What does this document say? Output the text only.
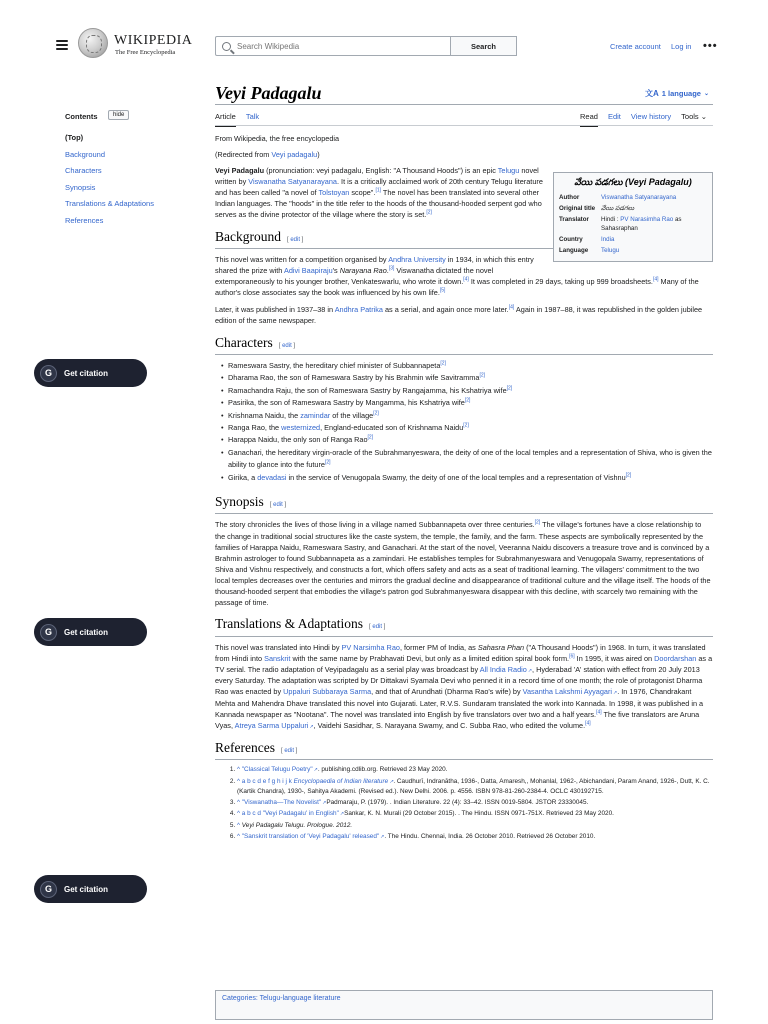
WIKIPEDIA
The Free Encyclopedia
Search Wikipedia
Search	Create account Log in •••
Veyi Padagalu	文A 1 language ⌄
Article Talk	Read Edit View history Tools ⌄
Contents	hide
(Top)
Background
Characters
Synopsis
Translations & Adaptations
References
G	Get citation
G	Get citation
G	Get citation
From Wikipedia, the free encyclopedia
(Redirected from Veyi padagalu)
వేయి పడగలు (Veyi Padagalu)
Author	Viswanatha Satyanarayana
Original title	వేయి పడగలు
Translator	Hindi : PV Narasimha Rao as Sahasraphan
Country	India
Language	Telugu

Veyi Padagalu (pronunciation: veyi padagalu, English: "A Thousand Hoods") is an epic Telugu novel written by Viswanatha Satyanarayana. It is a critically acclaimed work of 20th century Telugu literature and has been called "a novel of Tolstoyan scope".[1] The novel has been translated into several other Indian languages. The "hoods" in the title refer to the hoods of the thousand-hooded serpent god who serves as the divine protector of the village where the story is set.[2]

Background [ edit ]

This novel was written for a competition organised by Andhra University in 1934, in which this entry shared the prize with Adivi Baapiraju's Narayana Rao.[3] Viswanatha dictated the novel extemporaneously to his younger brother, Venkateswarlu, who wrote it down.[4] It was completed in 29 days, taking up 999 broadsheets.[4] Many of the author's close associates say the book was influenced by his own life.[5]

Later, it was published in 1937–38 in Andhra Patrika as a serial, and again once more later.[4] Again in 1987–88, it was republished in the golden jubilee edition of the same newspaper.

Characters [ edit ]
• Rameswara Sastry, the hereditary chief minister of Subbannapeta[2]
• Dharama Rao, the son of Rameswara Sastry by his Brahmin wife Savitramma[2]
• Ramachandra Raju, the son of Rameswara Sastry by Rangajamma, his Kshatriya wife[2]
• Pasirika, the son of Rameswara Sastry by Mangamma, his Kshatriya wife[2]
• Krishnama Naidu, the zamindar of the village[2]
• Ranga Rao, the westernized, England-educated son of Krishnama Naidu[2]
• Harappa Naidu, the only son of Ranga Rao[2]
• Ganachari, the hereditary virgin-oracle of the Subrahmanyeswara, the deity of one of the local temples and a representation of Shiva, who is given the ability to glance into the future[2]
• Girika, a devadasi in the service of Venugopala Swamy, the deity of one of the local temples and a representation of Vishnu[2]
Synopsis [ edit ]

The story chronicles the lives of those living in a village named Subbannapeta over three centuries.[2] The village's fortunes have a close relationship to the change in traditional social structures like the caste system, the temple, the family, and the farm. These aspects are symbolically represented by the families of Harappa Naidu, Rameswara Sastry, and Ganachari. At the start of the novel, Veeranna Naidu discovers a treasure trove and is convinced by a Brahmin astrologer to found Subbannapeta as a zamindari. He establishes temples for Subrahmanyeswara and Venugopala Swamy, representations of Shiva and Vishnu respectively, and constructs a fort, which offers safety and acts as a seat of traditional learning. The villagers' commitment to the two local temples decreases over the centuries and mirrors the gradual decline and disappearance of traditional culture and the village itself. The hoods of the thousand-hooded serpent that embodies the village's patron god Subrahmanyeswara disappear with this decline, with scarcely two remaining with the passage of time.

Translations & Adaptations [ edit ]

This novel was translated into Hindi by PV Narsimha Rao, former PM of India, as Sahasra Phan ("A Thousand Hoods") in 1968. In turn, it was translated from Hindi into Sanskrit with the same name by Prabhavati Devi, but only as a limited edition spiral book form.[6] In 1995, it was aired on Doordarshan as a TV serial. The radio adaptation of Veyipadagalu as a serial play was broadcast by All India Radio ↗ , Hyderabad 'A' station with effect from 20 July 2013 every Saturday. The adaptation was scripted by Dr Dittakavi Syamala Devi who penned it in a record time of one month; the role of protagonist Dharma Rao was enacted by Uppaluri Subbaraya Sarma, and that of Arundhati (Dharma Rao's wife) by Vasantha Lakshmi Ayyagari ↗ . In 1976, Chandrakant Mehta and Mahendra Dhave translated this novel into Gujarati. Later, R.V.S. Sundaram translated the work into Kannada. In 1998, it was published in a Kannada newspaper as "Nootana". The novel was translated into English by five translators over two and a half years.[4] The five translators are Aruna Vyas, Atreya Sarma Uppaluri ↗ , Vaidehi Sasidhar, S. Narayana Swamy, and C. Subba Rao, who edited the volume.[4]

References [ edit ]
1. ^ "Classical Telugu Poetry" ↗ . publishing.cdlib.org. Retrieved 23 May 2020.
2. ^ a b c d e f g h i j k Encyclopaedia of Indian literature ↗ . Caudhurī, Indranātha, 1936-, Datta, Amaresh,, Mohanlal, 1962-, Abichandani, Param Anand, 1926-, Dutt, K. C. (Kartik Chandra), 1930-, Sahitya Akademi. (Revised ed.). New Delhi. 2006. p. 4556. ISBN 978-81-260-2384-4. OCLC 430192715.
3. ^ "Viswanatha—The Novelist" ↗ Padmaraju, P. (1979). . Indian Literature. 22 (4): 33–42. ISSN 0019-5804. JSTOR 23330045.
4. ^ a b c d "Veyi Padagalu' in English" ↗ Sankar, K. N. Murali (29 October 2015). . The Hindu. ISSN 0971-751X. Retrieved 23 May 2020.
5. ^ Veyi Padagalu Telugu. Prologue. 2012.
6. ^ "Sanskrit translation of 'Veyi Padagalu' released" ↗ . The Hindu. Chennai, India. 26 October 2010. Retrieved 26 October 2010.
Categories: Telugu-language literature
